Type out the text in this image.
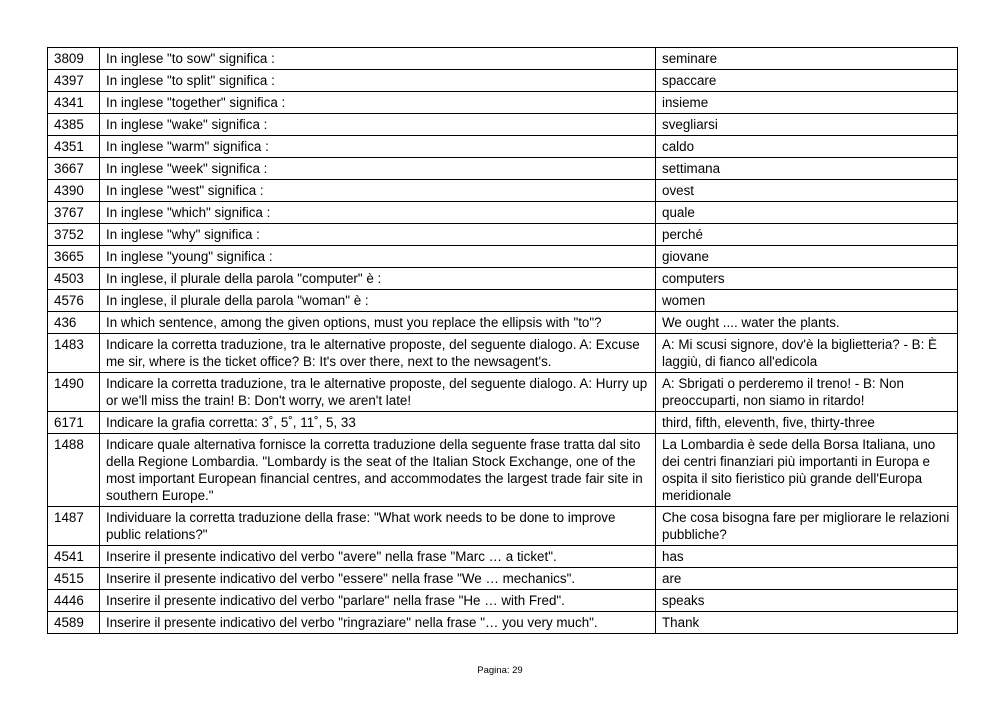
3809	In inglese "to sow" significa :	seminare
4397	In inglese "to split" significa :	spaccare
4341	In inglese "together" significa :	insieme
4385	In inglese "wake" significa :	svegliarsi
4351	In inglese "warm" significa :	caldo
3667	In inglese "week" significa :	settimana
4390	In inglese "west" significa :	ovest
3767	In inglese "which" significa :	quale
3752	In inglese "why" significa :	perché
3665	In inglese "young" significa :	giovane
4503	In inglese, il plurale della parola "computer" è :	computers
4576	In inglese, il plurale della parola "woman" è :	women
436	In which sentence, among the given options, must you replace the ellipsis with "to"?	We ought .... water the plants.
1483	Indicare la corretta traduzione, tra le alternative proposte, del seguente dialogo. A: Excuse me sir, where is the ticket office? B: It's over there, next to the newsagent's.	A: Mi scusi signore, dov'è la biglietteria? - B: È laggiù, di fianco all'edicola
1490	Indicare la corretta traduzione, tra le alternative proposte, del seguente dialogo. A: Hurry up or we'll miss the train! B: Don't worry, we aren't late!	A: Sbrigati o perderemo il treno! - B: Non preoccuparti, non siamo in ritardo!
6171	Indicare la grafia corretta: 3˚, 5˚, 11˚, 5, 33	third, fifth, eleventh, five, thirty-three
1488	Indicare quale alternativa fornisce la corretta traduzione della seguente frase tratta dal sito della Regione Lombardia. "Lombardy is the seat of the Italian Stock Exchange, one of the most important European financial centres, and accommodates the largest trade fair site in southern Europe."	La Lombardia è sede della Borsa Italiana, uno dei centri finanziari più importanti in Europa e ospita il sito fieristico più grande dell'Europa meridionale
1487	Individuare la corretta traduzione della frase: "What work needs to be done to improve public relations?"	Che cosa bisogna fare per migliorare le relazioni pubbliche?
4541	Inserire il presente indicativo del verbo "avere" nella frase "Marc … a ticket".	has
4515	Inserire il presente indicativo del verbo "essere" nella frase "We … mechanics".	are
4446	Inserire il presente indicativo del verbo "parlare" nella frase "He … with Fred".	speaks
4589	Inserire il presente indicativo del verbo "ringraziare" nella frase "… you very much".	Thank
Pagina: 29
